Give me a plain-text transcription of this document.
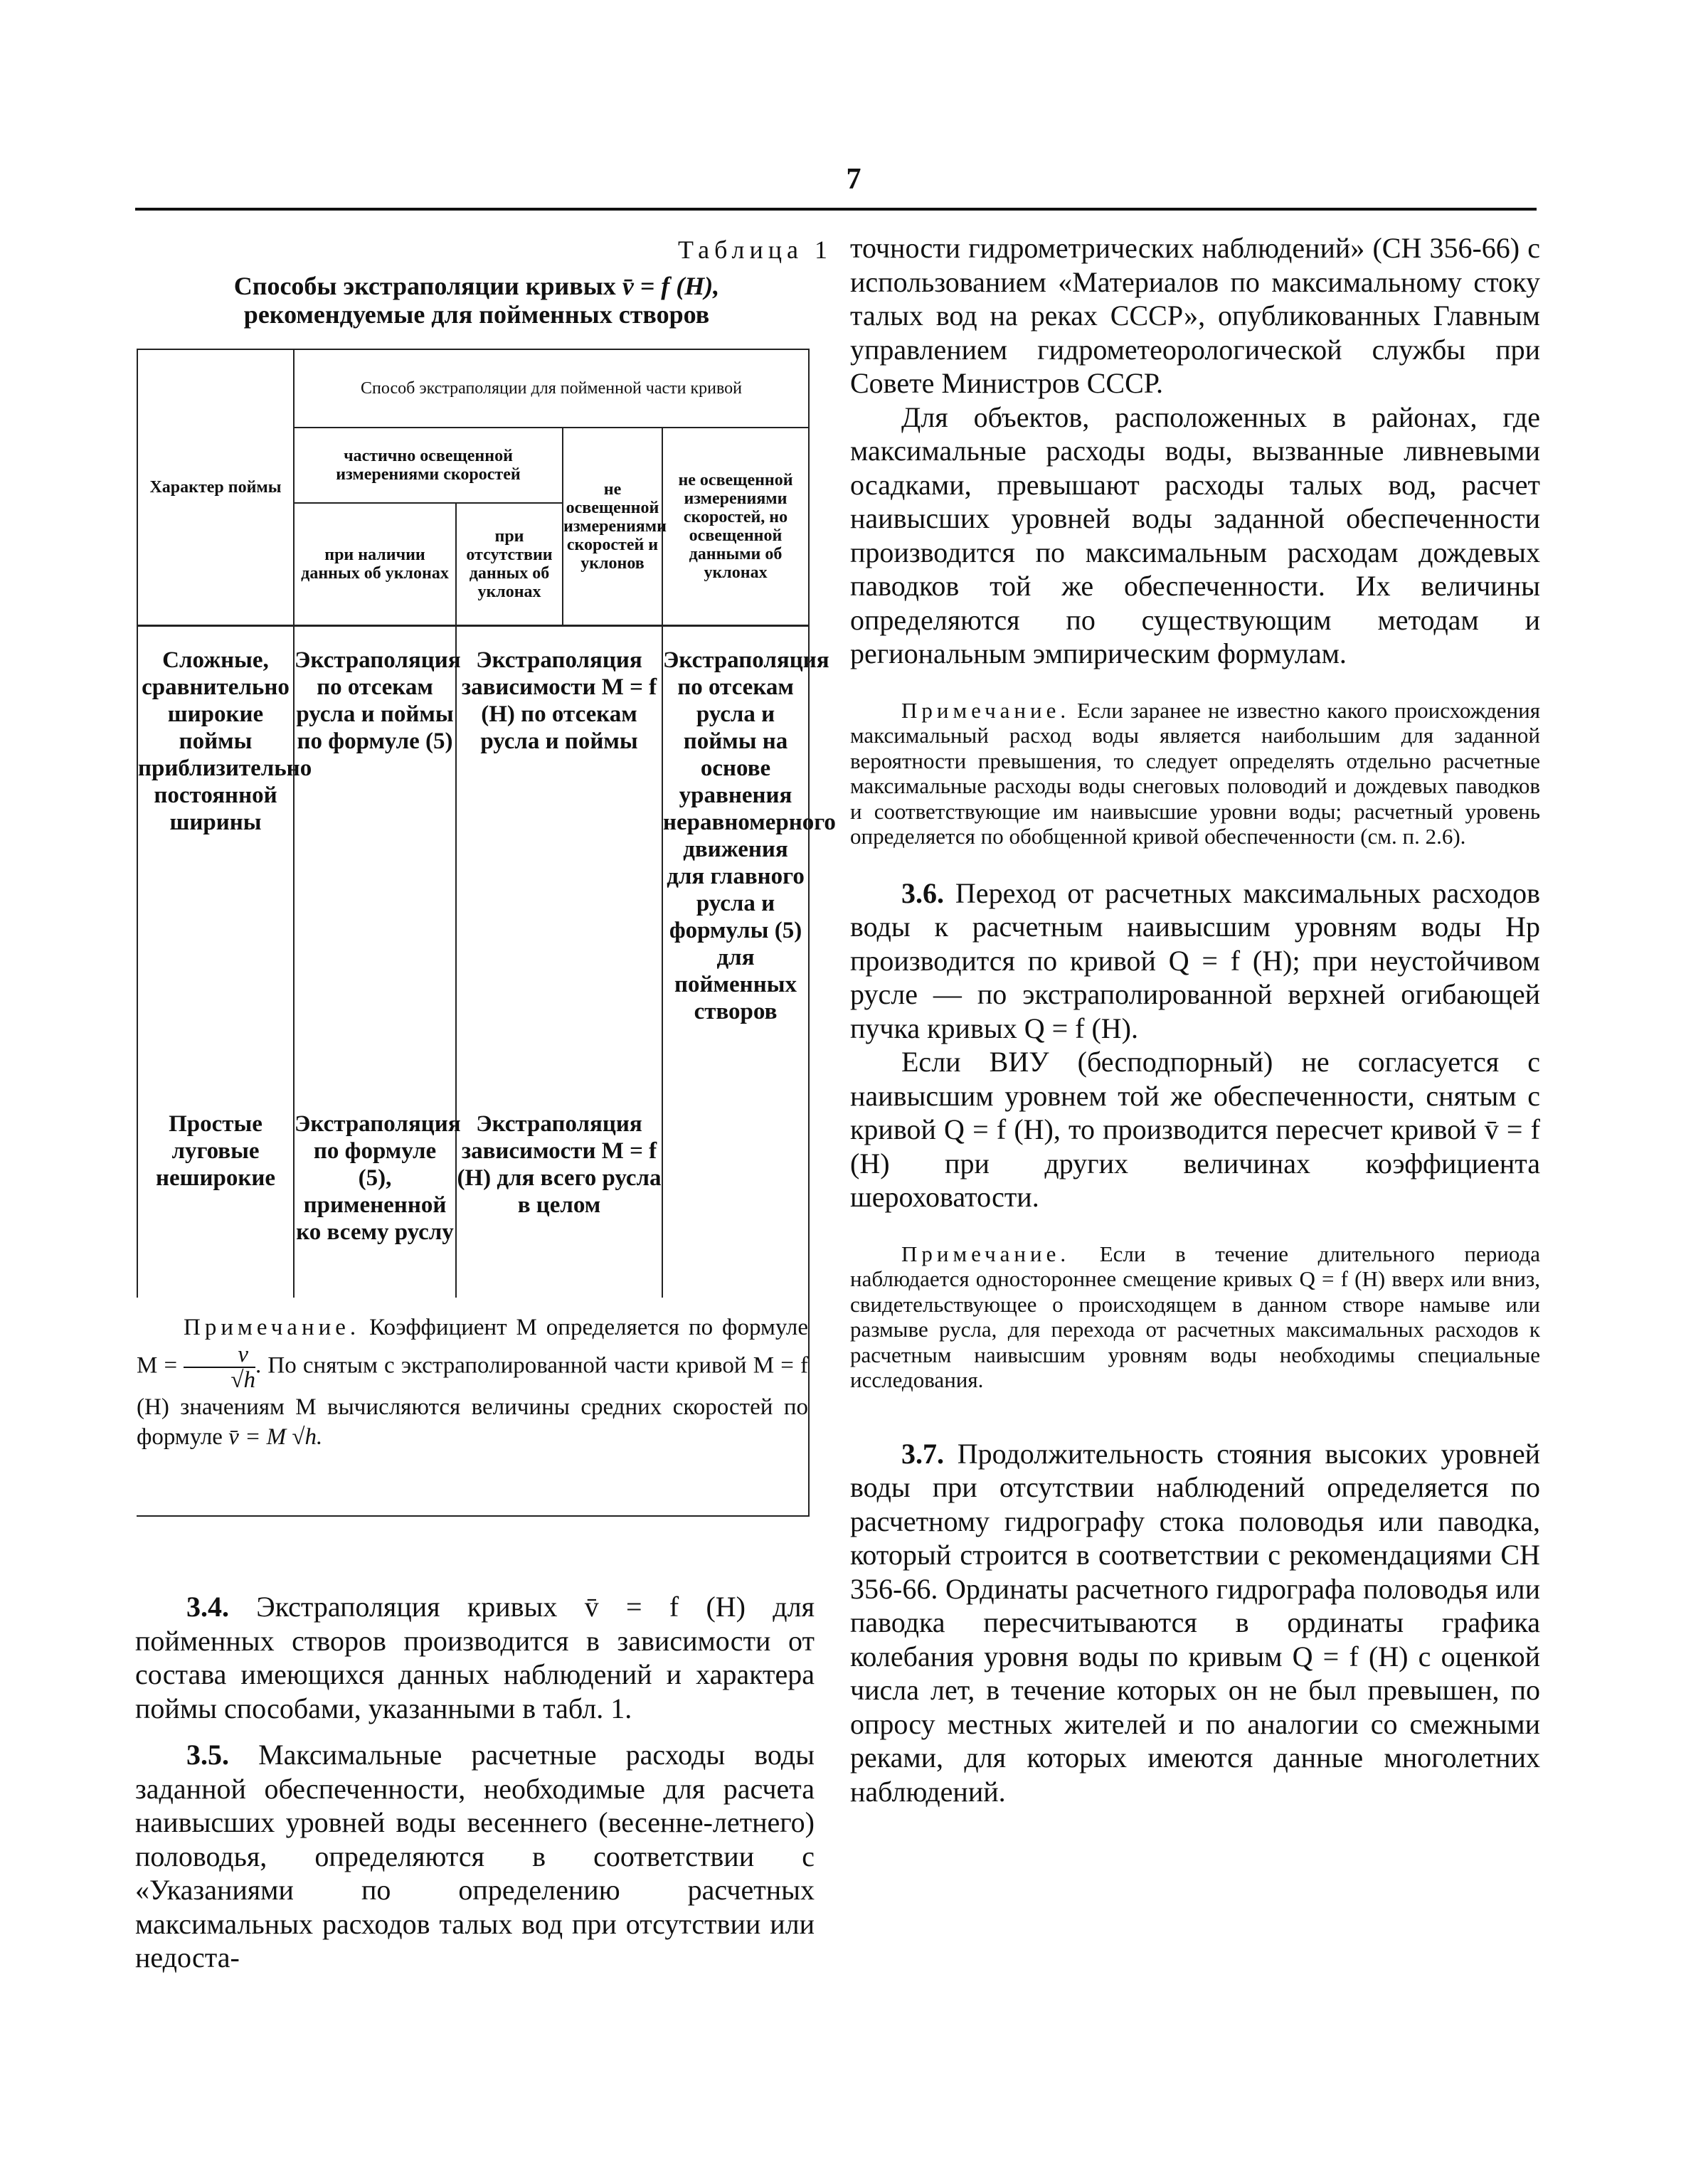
7
Таблица 1
Способы экстраполяции кривых v̄ = f (H),
рекомендуемые для пойменных створов
Характер поймы	Способ экстраполяции для пойменной части кривой			
	частично освещенной измерениями скоростей		не освещенной измерениями скоростей и уклонов	не освещенной измерениями скоростей, но освещенной данными об уклонах
	при наличии данных об уклонах	при отсутствии данных об уклонах		
Сложные, сравнительно широкие поймы приблизительно постоянной ширины	Экстраполяция по отсекам русла и поймы по формуле (5)	Экстраполяция зависимости M = f (H) по отсекам русла и поймы		Экстраполяция по отсекам русла и поймы на основе уравнения неравномерного движения для главного русла и формулы (5) для пойменных створов
Простые луговые неширокие	Экстраполяция по формуле (5), примененной ко всему руслу	Экстраполяция зависимости M = f (H) для всего русла в целом		

Примечание. Коэффициент M определяется по формуле $M = \frac{v}{√h}$ . По снятым с экстраполированной части кривой M = f (H) значениям M вычисляются величины средних скоростей по формуле v̄ = M √h.

3.4. Экстраполяция кривых v̄ = f (H) для пойменных створов производится в зависимости от состава имеющихся данных наблюдений и характера поймы способами, указанными в табл. 1.

3.5. Максимальные расчетные расходы воды заданной обеспеченности, необходимые для расчета наивысших уровней воды весеннего (весенне-летнего) половодья, определяются в соответствии с «Указаниями по определению расчетных максимальных расходов талых вод при отсутствии или недоста-

точности гидрометрических наблюдений» (СН 356-66) с использованием «Материалов по максимальному стоку талых вод на реках СССР», опубликованных Главным управлением гидрометеорологической службы при Совете Министров СССР.

Для объектов, расположенных в районах, где максимальные расходы воды, вызванные ливневыми осадками, превышают расходы талых вод, расчет наивысших уровней воды заданной обеспеченности производится по максимальным расходам дождевых паводков той же обеспеченности. Их величины определяются по существующим методам и региональным эмпирическим формулам.

Примечание. Если заранее не известно какого происхождения максимальный расход воды является наибольшим для заданной вероятности превышения, то следует определять отдельно расчетные максимальные расходы воды снеговых половодий и дождевых паводков и соответствующие им наивысшие уровни воды; расчетный уровень определяется по обобщенной кривой обеспеченности (см. п. 2.6).

3.6. Переход от расчетных максимальных расходов воды к расчетным наивысшим уровням воды Hр производится по кривой Q = f (H); при неустойчивом русле — по экстраполированной верхней огибающей пучка кривых Q = f (H).

Если ВИУ (бесподпорный) не согласуется с наивысшим уровнем той же обеспеченности, снятым с кривой Q = f (H), то производится пересчет кривой v̄ = f (H) при других величинах коэффициента шероховатости.

Примечание. Если в течение длительного периода наблюдается одностороннее смещение кривых Q = f (H) вверх или вниз, свидетельствующее о происходящем в данном створе намыве или размыве русла, для перехода от расчетных максимальных расходов к расчетным наивысшим уровням воды необходимы специальные исследования.

3.7. Продолжительность стояния высоких уровней воды при отсутствии наблюдений определяется по расчетному гидрографу стока половодья или паводка, который строится в соответствии с рекомендациями СН 356-66. Ординаты расчетного гидрографа половодья или паводка пересчитываются в ординаты графика колебания уровня воды по кривым Q = f (H) с оценкой числа лет, в течение которых он не был превышен, по опросу местных жителей и по аналогии со смежными реками, для которых имеются данные многолетних наблюдений.
